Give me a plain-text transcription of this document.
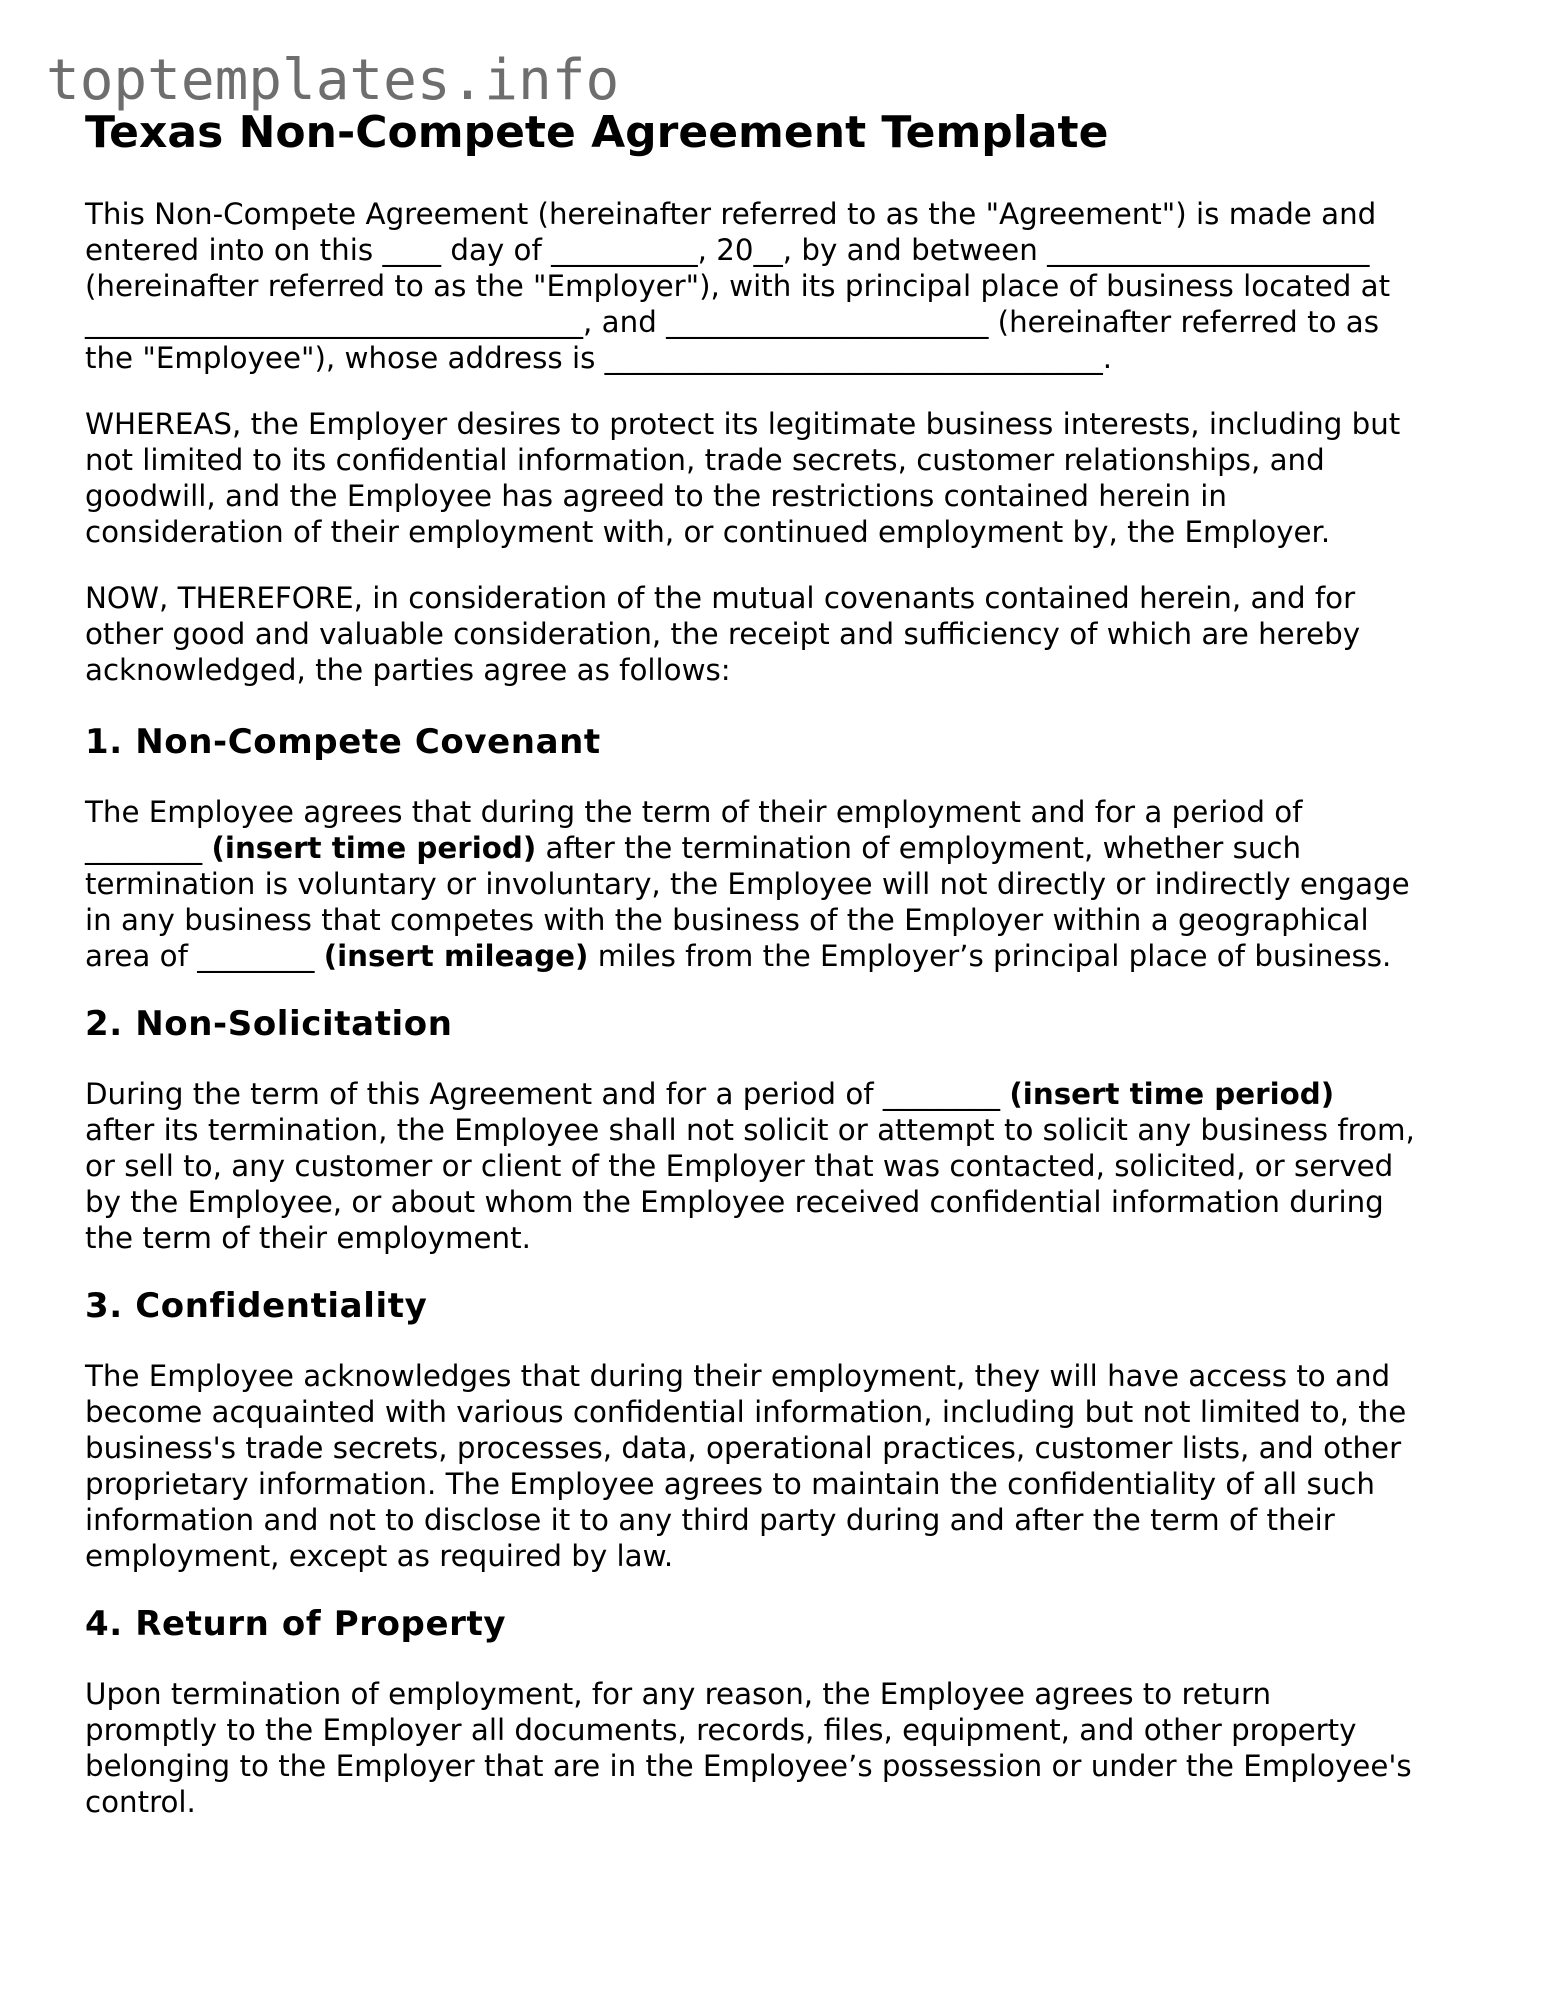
toptemplates.info
Texas Non-Compete Agreement Template

This Non-Compete Agreement (hereinafter referred to as the "Agreement") is made and
entered into on this ____ day of __________, 20__, by and between ______________________
(hereinafter referred to as the "Employer"), with its principal place of business located at
__________________________________, and ______________________ (hereinafter referred to as
the "Employee"), whose address is __________________________________.

WHEREAS, the Employer desires to protect its legitimate business interests, including but
not limited to its confidential information, trade secrets, customer relationships, and
goodwill, and the Employee has agreed to the restrictions contained herein in
consideration of their employment with, or continued employment by, the Employer.

NOW, THEREFORE, in consideration of the mutual covenants contained herein, and for
other good and valuable consideration, the receipt and sufficiency of which are hereby
acknowledged, the parties agree as follows:

1. Non-Compete Covenant

The Employee agrees that during the term of their employment and for a period of
________ (insert time period) after the termination of employment, whether such
termination is voluntary or involuntary, the Employee will not directly or indirectly engage
in any business that competes with the business of the Employer within a geographical
area of ________ (insert mileage) miles from the Employer’s principal place of business.

2. Non-Solicitation

During the term of this Agreement and for a period of ________ (insert time period)
after its termination, the Employee shall not solicit or attempt to solicit any business from,
or sell to, any customer or client of the Employer that was contacted, solicited, or served
by the Employee, or about whom the Employee received confidential information during
the term of their employment.

3. Confidentiality

The Employee acknowledges that during their employment, they will have access to and
become acquainted with various confidential information, including but not limited to, the
business's trade secrets, processes, data, operational practices, customer lists, and other
proprietary information. The Employee agrees to maintain the confidentiality of all such
information and not to disclose it to any third party during and after the term of their
employment, except as required by law.

4. Return of Property

Upon termination of employment, for any reason, the Employee agrees to return
promptly to the Employer all documents, records, files, equipment, and other property
belonging to the Employer that are in the Employee’s possession or under the Employee's
control.
